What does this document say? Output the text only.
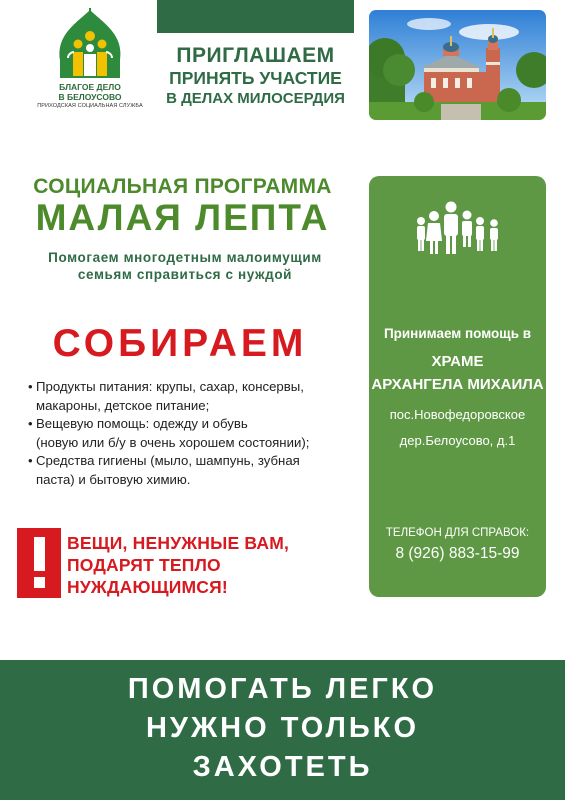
БЛАГОЕ ДЕЛО
В БЕЛОУСОВО
ПРИХОДСКАЯ СОЦИАЛЬНАЯ СЛУЖБА
ПРИГЛАШАЕМ
ПРИНЯТЬ УЧАСТИЕ
В ДЕЛАХ МИЛОСЕРДИЯ
СОЦИАЛЬНАЯ ПРОГРАММА
МАЛАЯ ЛЕПТА
Помогаем многодетным малоимущим
семьям справиться с нуждой
СОБИРАЕМ
• Продукты питания: крупы, сахар, консервы,
макароны, детское питание;
• Вещевую помощь: одежду и обувь
(новую или б/у в очень хорошем состоянии);
• Средства гигиены (мыло, шампунь, зубная
паста) и бытовую химию.
ВЕЩИ, НЕНУЖНЫЕ ВАМ,
ПОДАРЯТ ТЕПЛО
НУЖДАЮЩИМСЯ!
Принимаем помощь в
ХРАМЕ
АРХАНГЕЛА МИХАИЛА
пос.Новофедоровское
дер.Белоусово, д.1
ТЕЛЕФОН ДЛЯ СПРАВОК:
8 (926) 883-15-99
ПОМОГАТЬ ЛЕГКО
НУЖНО ТОЛЬКО
ЗАХОТЕТЬ
